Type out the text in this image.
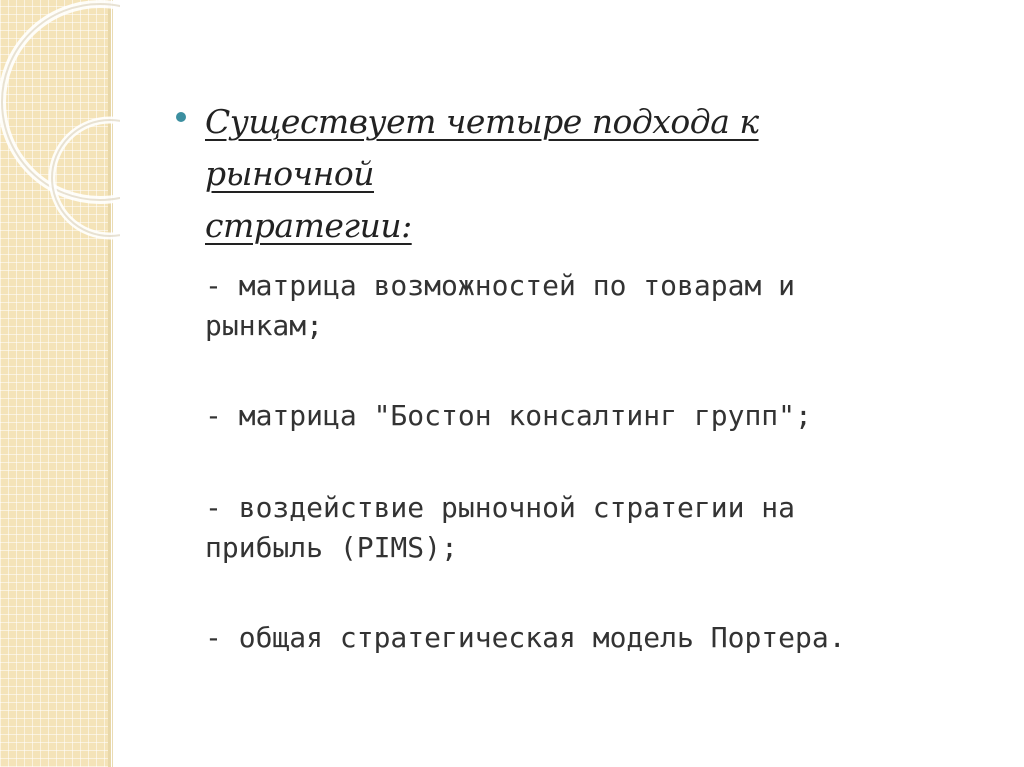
Существует четыре подхода к рыночной
стратегии:
- матрица возможностей по товарам и
рынкам;
- матрица "Бостон консалтинг групп";
- воздействие рыночной стратегии на
прибыль (PIMS);
- общая стратегическая модель Портера.
